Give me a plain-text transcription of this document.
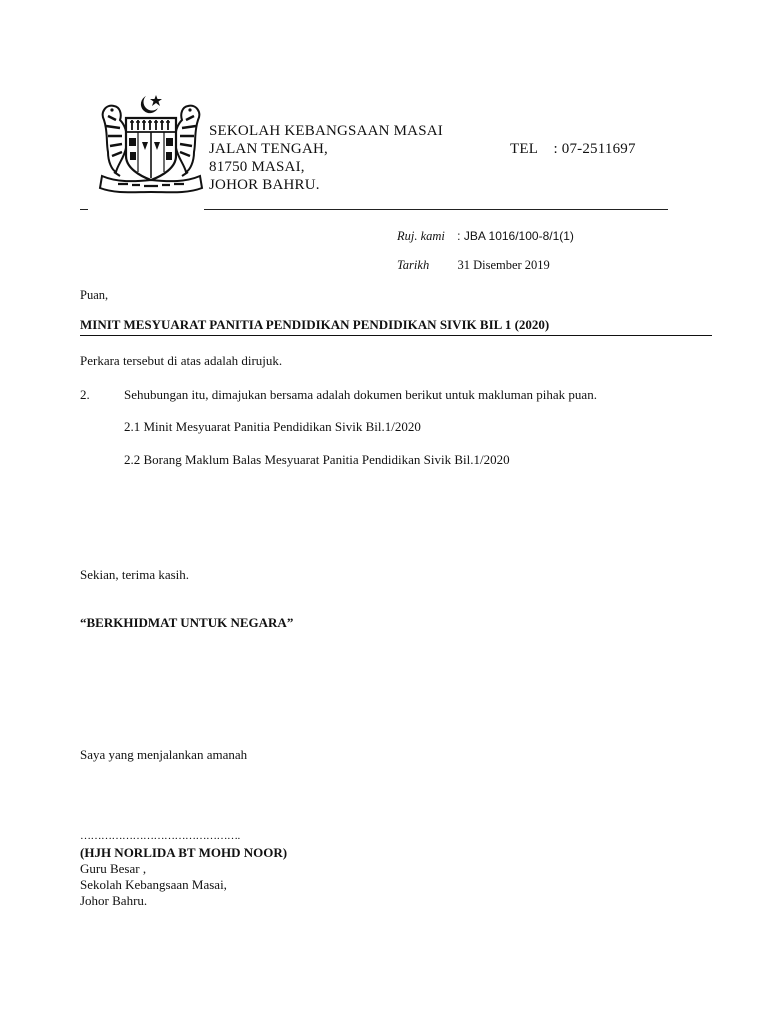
SEKOLAH KEBANGSAAN MASAI
JALAN TENGAH,
81750 MASAI,
JOHOR BAHRU.
TEL : 07-2511697
Ruj. kami : JBA 1016/100-8/1(1)
Tarikh 31 Disember 2019
Puan,
MINIT MESYUARAT PANITIA PENDIDIKAN PENDIDIKAN SIVIK BIL 1 (2020)
Perkara tersebut di atas adalah dirujuk.
2.	Sehubungan itu, dimajukan bersama adalah dokumen berikut untuk makluman pihak puan.
2.1 Minit Mesyuarat Panitia Pendidikan Sivik Bil.1/2020
2.2 Borang Maklum Balas Mesyuarat Panitia Pendidikan Sivik Bil.1/2020
Sekian, terima kasih.
“BERKHIDMAT UNTUK NEGARA”
Saya yang menjalankan amanah
……………………………………….
(HJH NORLIDA BT MOHD NOOR)
Guru Besar ,
Sekolah Kebangsaan Masai,
Johor Bahru.
